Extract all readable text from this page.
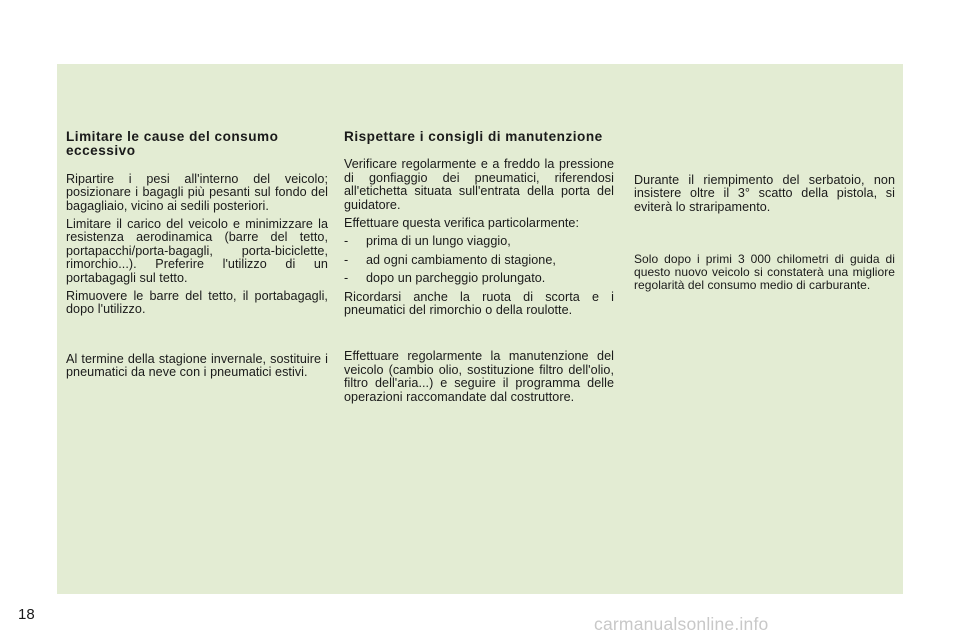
Limitare le cause del consumo eccessivo

Ripartire i pesi all'interno del veicolo; posizionare i bagagli più pesanti sul fondo del bagagliaio, vicino ai sedili posteriori.

Limitare il carico del veicolo e minimizzare la resistenza aerodinamica (barre del tetto, portapacchi/porta-bagagli, porta-biciclette, rimorchio...). Preferire l'utilizzo di un portabagagli sul tetto.

Rimuovere le barre del tetto, il portabagagli, dopo l'utilizzo.

Al termine della stagione invernale, sostituire i pneumatici da neve con i pneumatici estivi.

Rispettare i consigli di manutenzione

Verificare regolarmente e a freddo la pressione di gonfiaggio dei pneumatici, riferendosi all'etichetta situata sull'entrata della porta del guidatore.

Effettuare questa verifica particolarmente:

-	prima di un lungo viaggio,

-	ad ogni cambiamento di stagione,

-	dopo un parcheggio prolungato.

Ricordarsi anche la ruota di scorta e i pneumatici del rimorchio o della roulotte.

Effettuare regolarmente la manutenzione del veicolo (cambio olio, sostituzione filtro dell'olio, filtro dell'aria...) e seguire il programma delle operazioni raccomandate dal costruttore.

Durante il riempimento del serbatoio, non insistere oltre il 3° scatto della pistola, si eviterà lo straripamento.

Solo dopo i primi 3 000 chilometri di guida di questo nuovo veicolo si constaterà una migliore regolarità del consumo medio di carburante.

18	carmanualsonline.info
